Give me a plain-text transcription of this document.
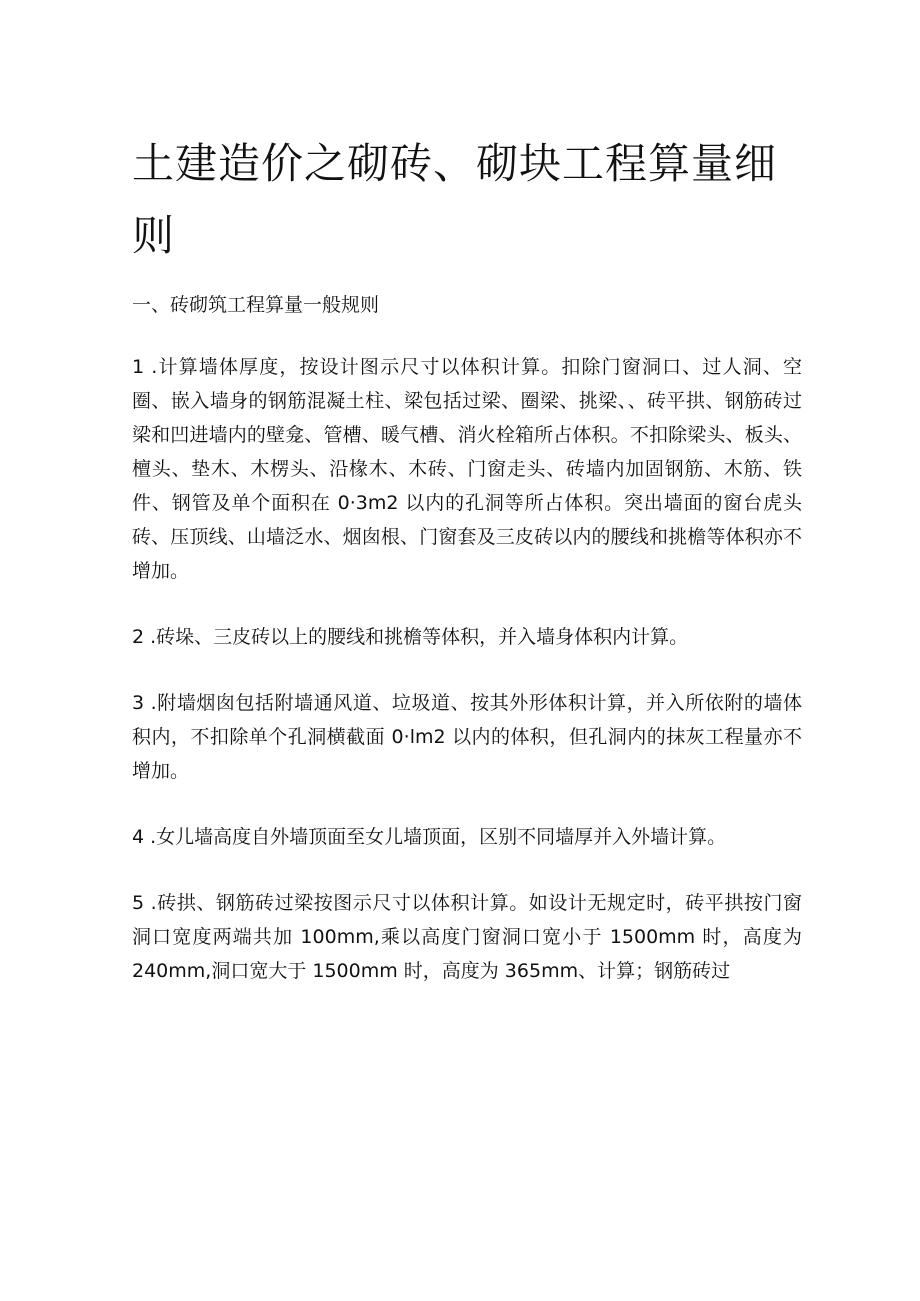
土建造价之砌砖、砌块工程算量细则

一、砖砌筑工程算量一般规则

1 .计算墙体厚度，按设计图示尺寸以体积计算。扣除门窗洞口、过人洞、空圈、嵌入墙身的钢筋混凝土柱、梁包括过梁、圈梁、挑梁、、砖平拱、钢筋砖过梁和凹进墙内的壁龛、管槽、暖气槽、消火栓箱所占体积。不扣除梁头、板头、檀头、垫木、木楞头、沿椽木、木砖、门窗走头、砖墙内加固钢筋、木筋、铁件、钢管及单个面积在 0·3m2 以内的孔洞等所占体积。突出墙面的窗台虎头砖、压顶线、山墙泛水、烟囱根、门窗套及三皮砖以内的腰线和挑檐等体积亦不增加。

2 .砖垛、三皮砖以上的腰线和挑檐等体积，并入墙身体积内计算。

3 .附墙烟囱包括附墙通风道、垃圾道、按其外形体积计算，并入所依附的墙体积内，不扣除单个孔洞横截面 0·lm2 以内的体积，但孔洞内的抹灰工程量亦不增加。

4 .女儿墙高度自外墙顶面至女儿墙顶面，区别不同墙厚并入外墙计算。

5 .砖拱、钢筋砖过梁按图示尺寸以体积计算。如设计无规定时，砖平拱按门窗洞口宽度两端共加 100mm,乘以高度门窗洞口宽小于 1500mm 时，高度为 240mm,洞口宽大于 1500mm 时，高度为 365mm、计算；钢筋砖过
